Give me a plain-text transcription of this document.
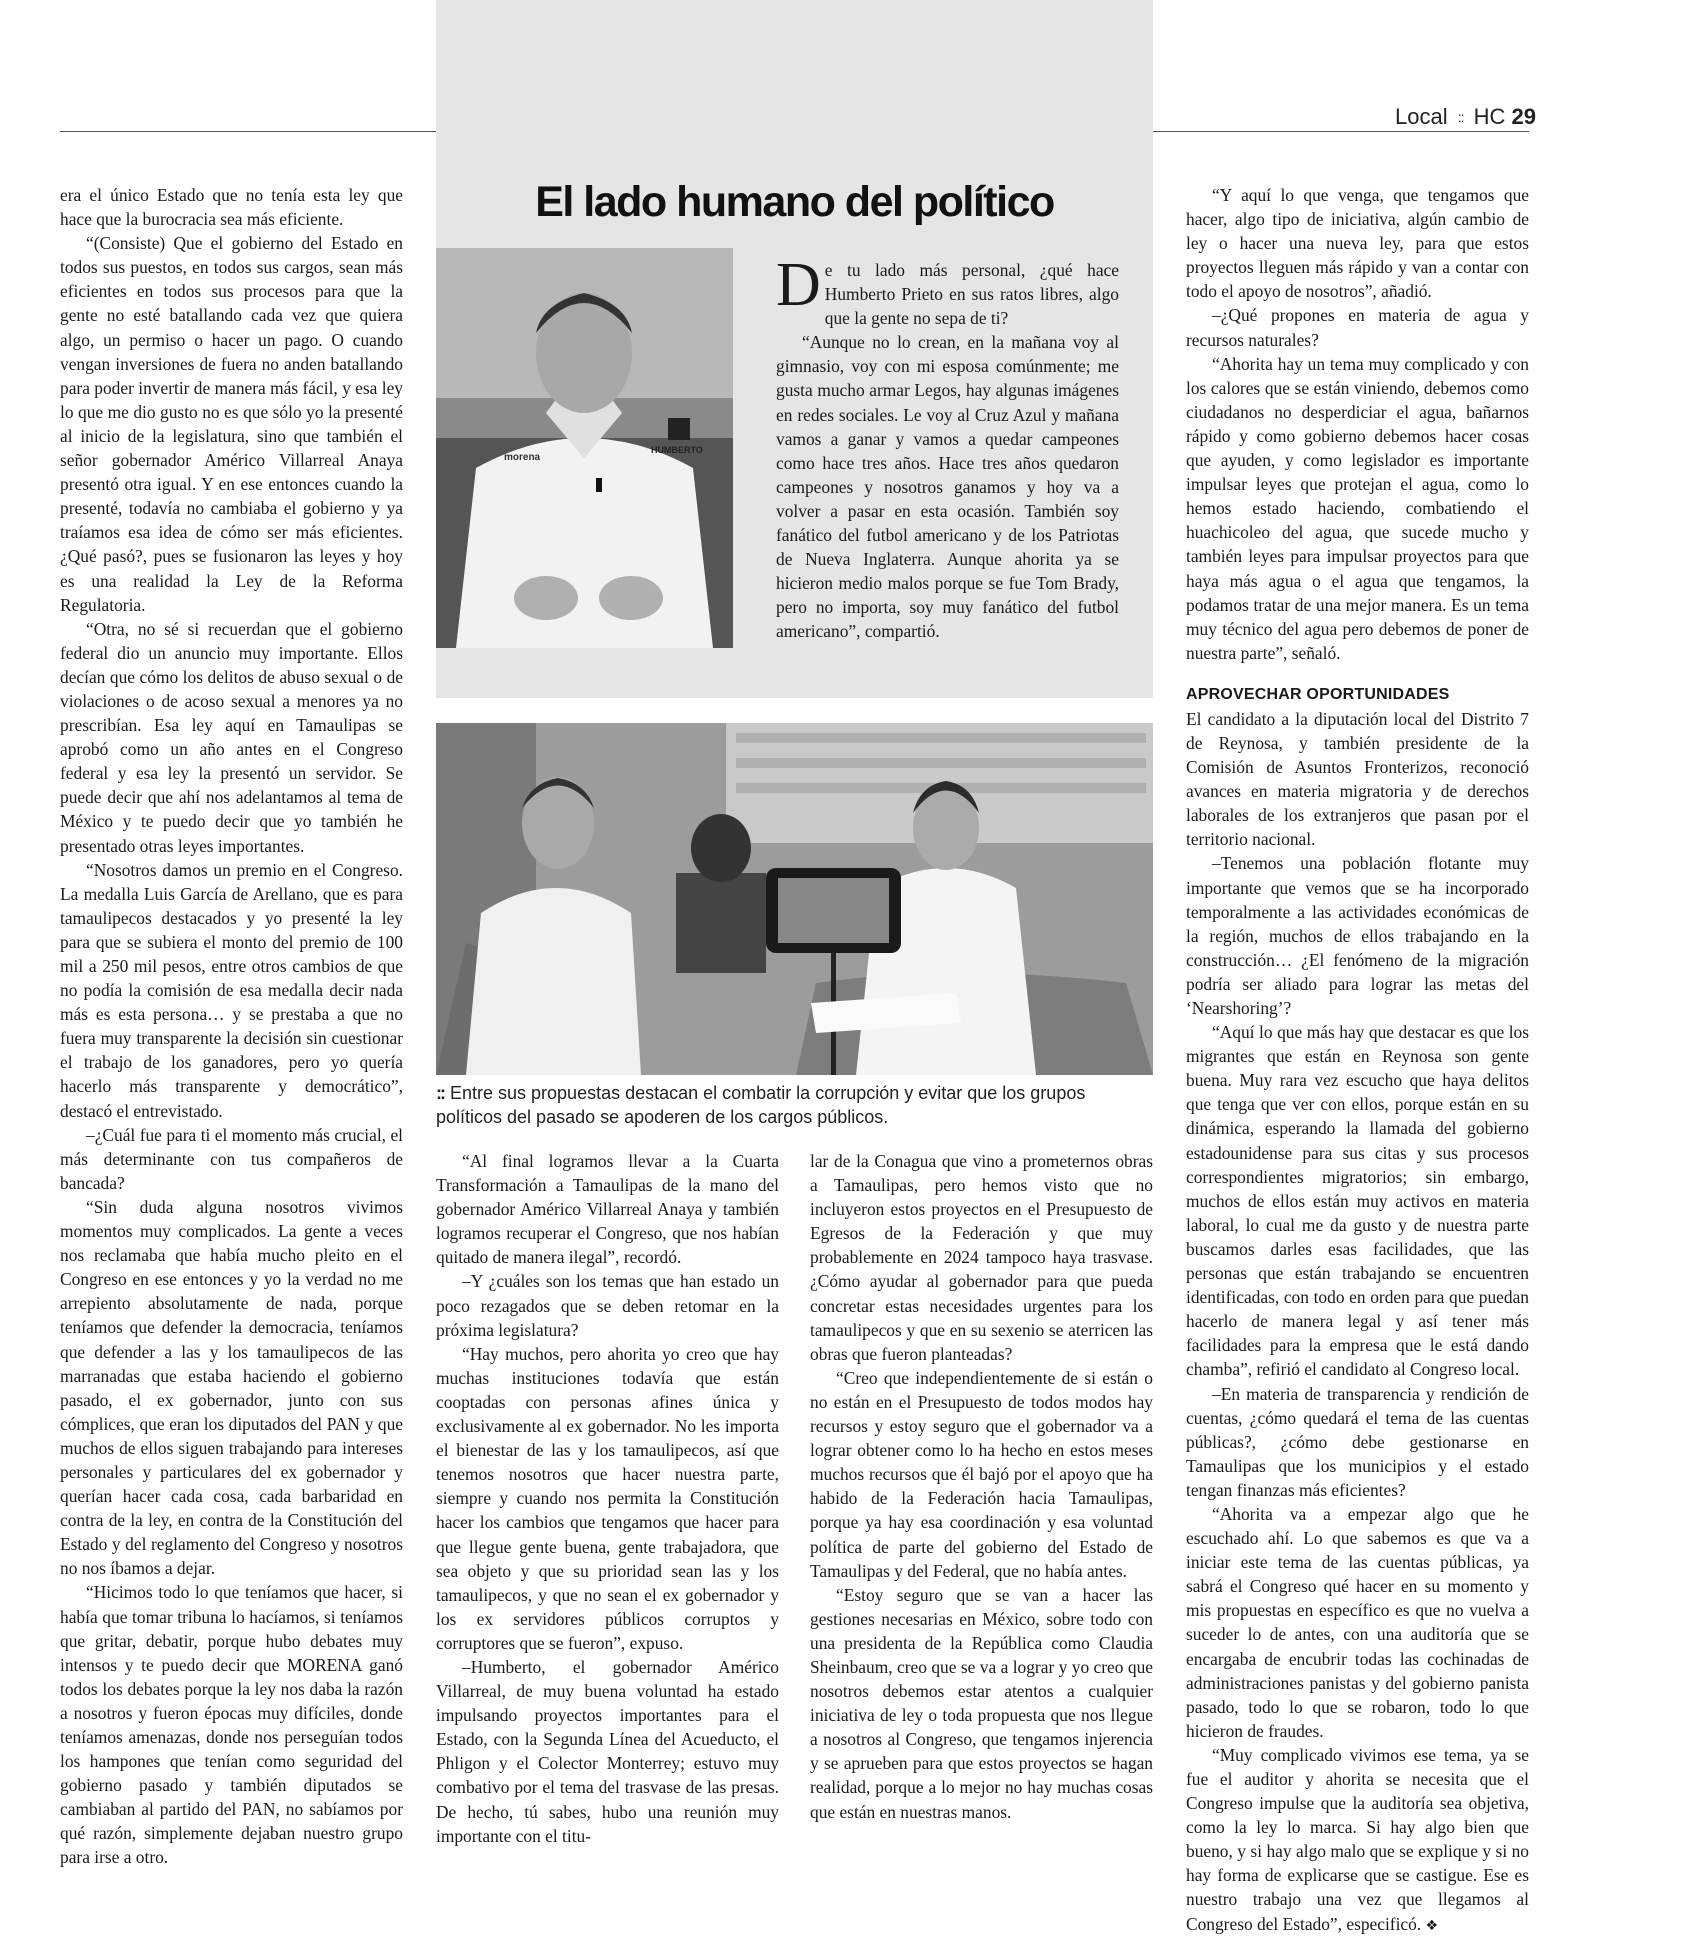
Local :: HC 29
El lado humano del político
HUMBERTO
morena

De tu lado más personal, ¿qué hace Humberto Prieto en sus ratos libres, algo que la gente no sepa de ti?

“Aunque no lo crean, en la mañana voy al gimnasio, voy con mi esposa comúnmente; me gusta mucho armar Legos, hay algunas imágenes en redes sociales. Le voy al Cruz Azul y mañana vamos a ganar y vamos a quedar campeones como hace tres años. Hace tres años quedaron campeones y nosotros ganamos y hoy va a volver a pasar en esta ocasión. También soy fanático del futbol americano y de los Patriotas de Nueva Inglaterra. Aunque ahorita ya se hicieron medio malos porque se fue Tom Brady, pero no importa, soy muy fanático del futbol americano”, compartió.

:: Entre sus propuestas destacan el combatir la corrupción y evitar que los grupos políticos del pasado se apoderen de los cargos públicos.

era el único Estado que no tenía esta ley que hace que la burocracia sea más eficiente.

“(Consiste) Que el gobierno del Estado en todos sus puestos, en todos sus cargos, sean más eficientes en todos sus procesos para que la gente no esté batallando cada vez que quiera algo, un permiso o hacer un pago. O cuando vengan inversiones de fuera no anden batallando para poder invertir de manera más fácil, y esa ley lo que me dio gusto no es que sólo yo la presenté al inicio de la legislatura, sino que también el señor gobernador Américo Villarreal Anaya presentó otra igual. Y en ese entonces cuando la presenté, todavía no cambiaba el gobierno y ya traíamos esa idea de cómo ser más eficientes. ¿Qué pasó?, pues se fusionaron las leyes y hoy es una realidad la Ley de la Reforma Regulatoria.

“Otra, no sé si recuerdan que el gobierno federal dio un anuncio muy importante. Ellos decían que cómo los delitos de abuso sexual o de violaciones o de acoso sexual a menores ya no prescribían. Esa ley aquí en Tamaulipas se aprobó como un año antes en el Congreso federal y esa ley la presentó un servidor. Se puede decir que ahí nos adelantamos al tema de México y te puedo decir que yo también he presentado otras leyes importantes.

“Nosotros damos un premio en el Congreso. La medalla Luis García de Arellano, que es para tamaulipecos destacados y yo presenté la ley para que se subiera el monto del premio de 100 mil a 250 mil pesos, entre otros cambios de que no podía la comisión de esa medalla decir nada más es esta persona… y se prestaba a que no fuera muy transparente la decisión sin cuestionar el trabajo de los ganadores, pero yo quería hacerlo más transparente y democrático”, destacó el entrevistado.

–¿Cuál fue para ti el momento más crucial, el más determinante con tus compañeros de bancada?

“Sin duda alguna nosotros vivimos momentos muy complicados. La gente a veces nos reclamaba que había mucho pleito en el Congreso en ese entonces y yo la verdad no me arrepiento absolutamente de nada, porque teníamos que defender la democracia, teníamos que defender a las y los tamaulipecos de las marranadas que estaba haciendo el gobierno pasado, el ex gobernador, junto con sus cómplices, que eran los diputados del PAN y que muchos de ellos siguen trabajando para intereses personales y particulares del ex gobernador y querían hacer cada cosa, cada barbaridad en contra de la ley, en contra de la Constitución del Estado y del reglamento del Congreso y nosotros no nos íbamos a dejar.

“Hicimos todo lo que teníamos que hacer, si había que tomar tribuna lo hacíamos, si teníamos que gritar, debatir, porque hubo debates muy intensos y te puedo decir que MORENA ganó todos los debates porque la ley nos daba la razón a nosotros y fueron épocas muy difíciles, donde teníamos amenazas, donde nos perseguían todos los hampones que tenían como seguridad del gobierno pasado y también diputados se cambiaban al partido del PAN, no sabíamos por qué razón, simplemente dejaban nuestro grupo para irse a otro.

“Al final logramos llevar a la Cuarta Transformación a Tamaulipas de la mano del gobernador Américo Villarreal Anaya y también logramos recuperar el Congreso, que nos habían quitado de manera ilegal”, recordó.

–Y ¿cuáles son los temas que han estado un poco rezagados que se deben retomar en la próxima legislatura?

“Hay muchos, pero ahorita yo creo que hay muchas instituciones todavía que están cooptadas con personas afines única y exclusivamente al ex gobernador. No les importa el bienestar de las y los tamaulipecos, así que tenemos nosotros que hacer nuestra parte, siempre y cuando nos permita la Constitución hacer los cambios que tengamos que hacer para que llegue gente buena, gente trabajadora, que sea objeto y que su prioridad sean las y los tamaulipecos, y que no sean el ex gobernador y los ex servidores públicos corruptos y corruptores que se fueron”, expuso.

–Humberto, el gobernador Américo Villarreal, de muy buena voluntad ha estado impulsando proyectos importantes para el Estado, con la Segunda Línea del Acueducto, el Phligon y el Colector Monterrey; estuvo muy combativo por el tema del trasvase de las presas. De hecho, tú sabes, hubo una reunión muy importante con el titu-

lar de la Conagua que vino a prometernos obras a Tamaulipas, pero hemos visto que no incluyeron estos proyectos en el Presupuesto de Egresos de la Federación y que muy probablemente en 2024 tampoco haya trasvase. ¿Cómo ayudar al gobernador para que pueda concretar estas necesidades urgentes para los tamaulipecos y que en su sexenio se aterricen las obras que fueron planteadas?

“Creo que independientemente de si están o no están en el Presupuesto de todos modos hay recursos y estoy seguro que el gobernador va a lograr obtener como lo ha hecho en estos meses muchos recursos que él bajó por el apoyo que ha habido de la Federación hacia Tamaulipas, porque ya hay esa coordinación y esa voluntad política de parte del gobierno del Estado de Tamaulipas y del Federal, que no había antes.

“Estoy seguro que se van a hacer las gestiones necesarias en México, sobre todo con una presidenta de la República como Claudia Sheinbaum, creo que se va a lograr y yo creo que nosotros debemos estar atentos a cualquier iniciativa de ley o toda propuesta que nos llegue a nosotros al Congreso, que tengamos injerencia y se aprueben para que estos proyectos se hagan realidad, porque a lo mejor no hay muchas cosas que están en nuestras manos.

“Y aquí lo que venga, que tengamos que hacer, algo tipo de iniciativa, algún cambio de ley o hacer una nueva ley, para que estos proyectos lleguen más rápido y van a contar con todo el apoyo de nosotros”, añadió.

–¿Qué propones en materia de agua y recursos naturales?

“Ahorita hay un tema muy complicado y con los calores que se están viniendo, debemos como ciudadanos no desperdiciar el agua, bañarnos rápido y como gobierno debemos hacer cosas que ayuden, y como legislador es importante impulsar leyes que protejan el agua, como lo hemos estado haciendo, combatiendo el huachicoleo del agua, que sucede mucho y también leyes para impulsar proyectos para que haya más agua o el agua que tengamos, la podamos tratar de una mejor manera. Es un tema muy técnico del agua pero debemos de poner de nuestra parte”, señaló.

APROVECHAR OPORTUNIDADES

El candidato a la diputación local del Distrito 7 de Reynosa, y también presidente de la Comisión de Asuntos Fronterizos, reconoció avances en materia migratoria y de derechos laborales de los extranjeros que pasan por el territorio nacional.

–Tenemos una población flotante muy importante que vemos que se ha incorporado temporalmente a las actividades económicas de la región, muchos de ellos trabajando en la construcción… ¿El fenómeno de la migración podría ser aliado para lograr las metas del ‘Nearshoring’?

“Aquí lo que más hay que destacar es que los migrantes que están en Reynosa son gente buena. Muy rara vez escucho que haya delitos que tenga que ver con ellos, porque están en su dinámica, esperando la llamada del gobierno estadounidense para sus citas y sus procesos correspondientes migratorios; sin embargo, muchos de ellos están muy activos en materia laboral, lo cual me da gusto y de nuestra parte buscamos darles esas facilidades, que las personas que están trabajando se encuentren identificadas, con todo en orden para que puedan hacerlo de manera legal y así tener más facilidades para la empresa que le está dando chamba”, refirió el candidato al Congreso local.

–En materia de transparencia y rendición de cuentas, ¿cómo quedará el tema de las cuentas públicas?, ¿cómo debe gestionarse en Tamaulipas que los municipios y el estado tengan finanzas más eficientes?

“Ahorita va a empezar algo que he escuchado ahí. Lo que sabemos es que va a iniciar este tema de las cuentas públicas, ya sabrá el Congreso qué hacer en su momento y mis propuestas en específico es que no vuelva a suceder lo de antes, con una auditoría que se encargaba de encubrir todas las cochinadas de administraciones panistas y del gobierno panista pasado, todo lo que se robaron, todo lo que hicieron de fraudes.

“Muy complicado vivimos ese tema, ya se fue el auditor y ahorita se necesita que el Congreso impulse que la auditoría sea objetiva, como la ley lo marca. Si hay algo bien que bueno, y si hay algo malo que se explique y si no hay forma de explicarse que se castigue. Ese es nuestro trabajo una vez que llegamos al Congreso del Estado”, especificó. ❖
